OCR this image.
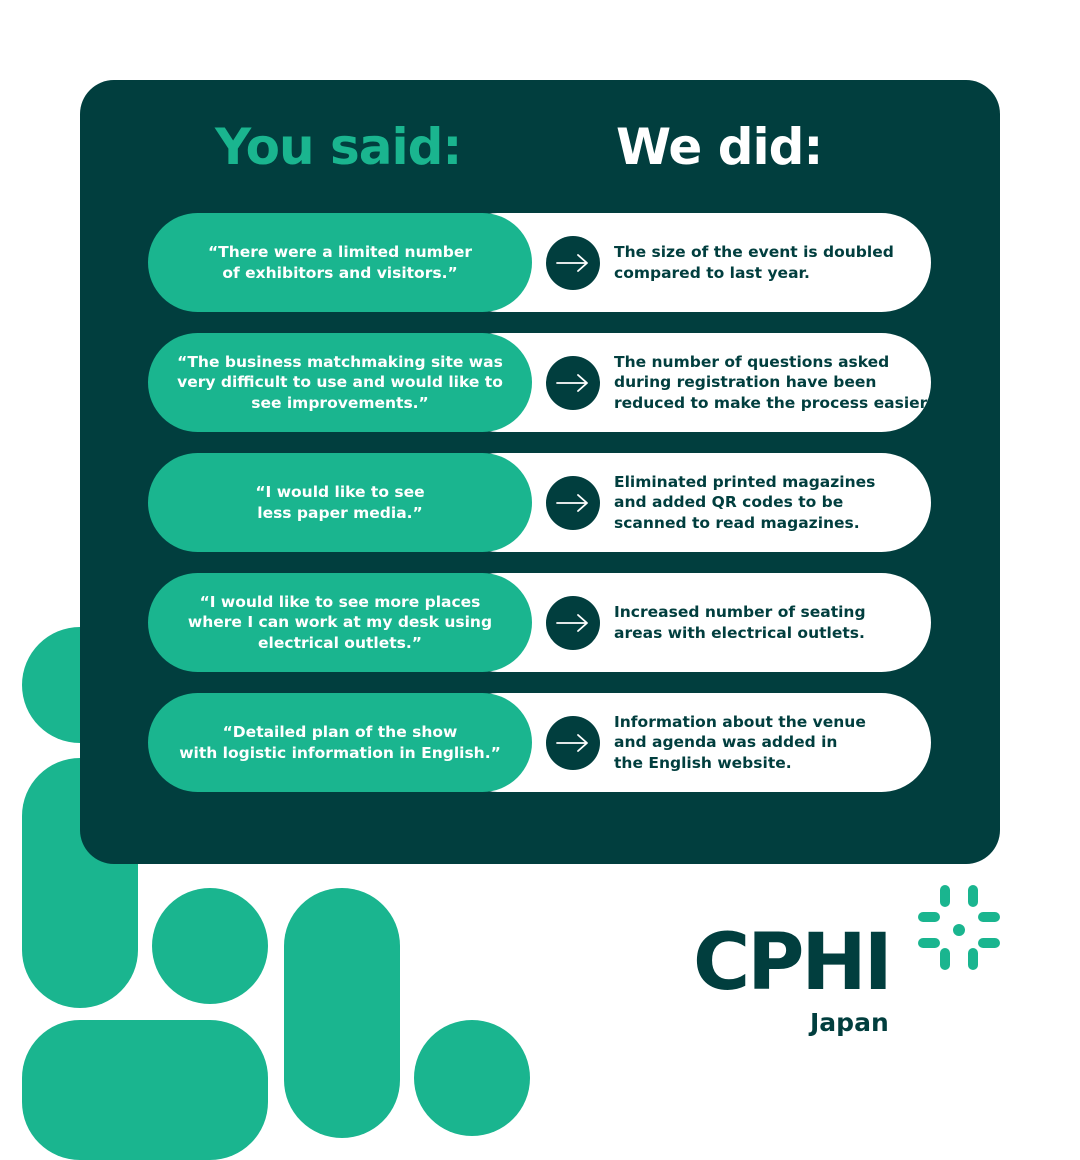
You said:	We did:
“There were a limited number
of exhibitors and visitors.”
The size of the event is doubled
compared to last year.
“The business matchmaking site was
very difficult to use and would like to
see improvements.”
The number of questions asked
during registration have been
reduced to make the process easier.
“I would like to see
less paper media.”
Eliminated printed magazines
and added QR codes to be
scanned to read magazines.
“I would like to see more places
where I can work at my desk using
electrical outlets.”
Increased number of seating
areas with electrical outlets.
“Detailed plan of the show
with logistic information in English.”
Information about the venue
and agenda was added in
the English website.
CPHI
Japan
